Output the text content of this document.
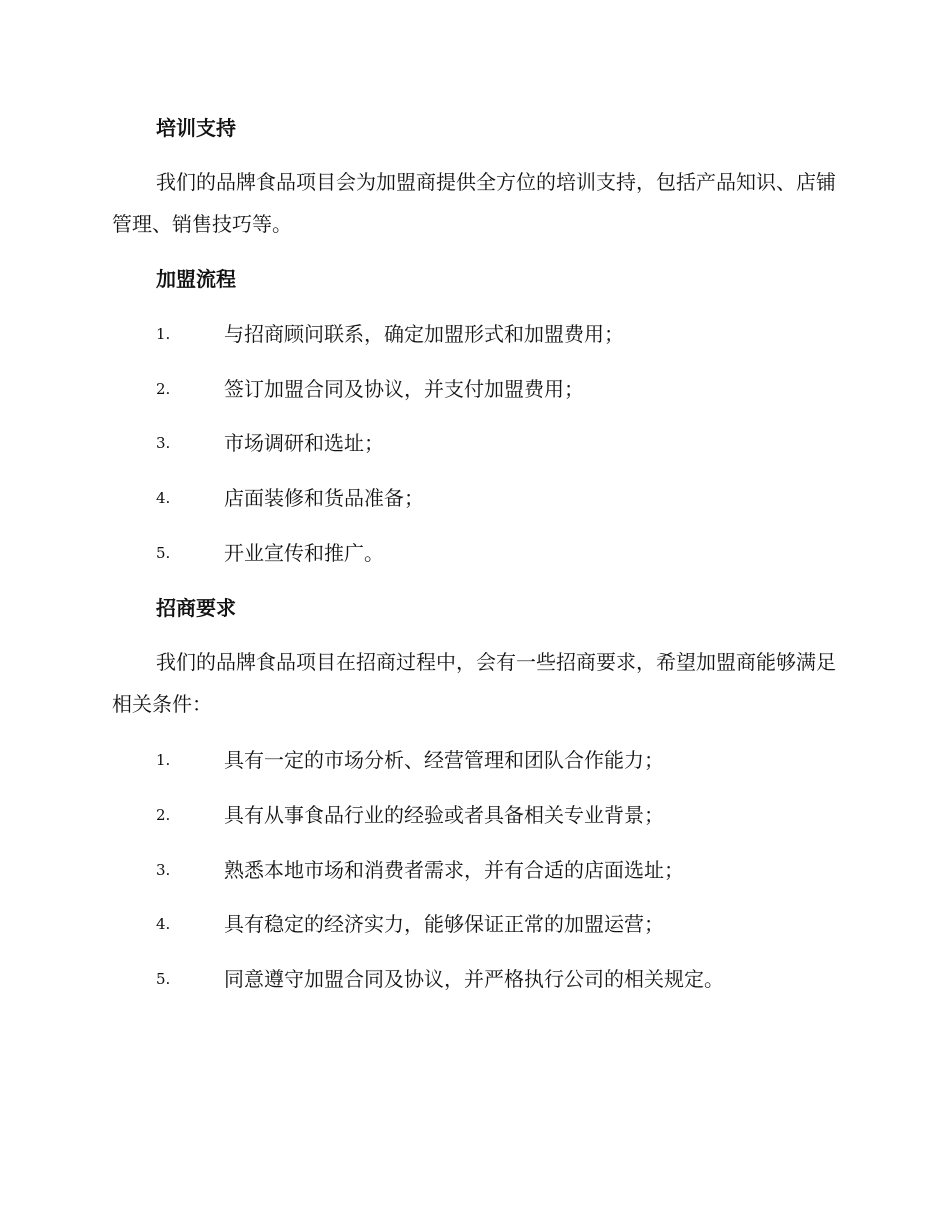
培训支持
我们的品牌食品项目会为加盟商提供全方位的培训支持，包括产品知识、店铺管理、销售技巧等。
加盟流程
1.	与招商顾问联系，确定加盟形式和加盟费用；
2.	签订加盟合同及协议，并支付加盟费用；
3.	市场调研和选址；
4.	店面装修和货品准备；
5.	开业宣传和推广。
招商要求
我们的品牌食品项目在招商过程中，会有一些招商要求，希望加盟商能够满足相关条件：
1.	具有一定的市场分析、经营管理和团队合作能力；
2.	具有从事食品行业的经验或者具备相关专业背景；
3.	熟悉本地市场和消费者需求，并有合适的店面选址；
4.	具有稳定的经济实力，能够保证正常的加盟运营；
5.	同意遵守加盟合同及协议，并严格执行公司的相关规定。
